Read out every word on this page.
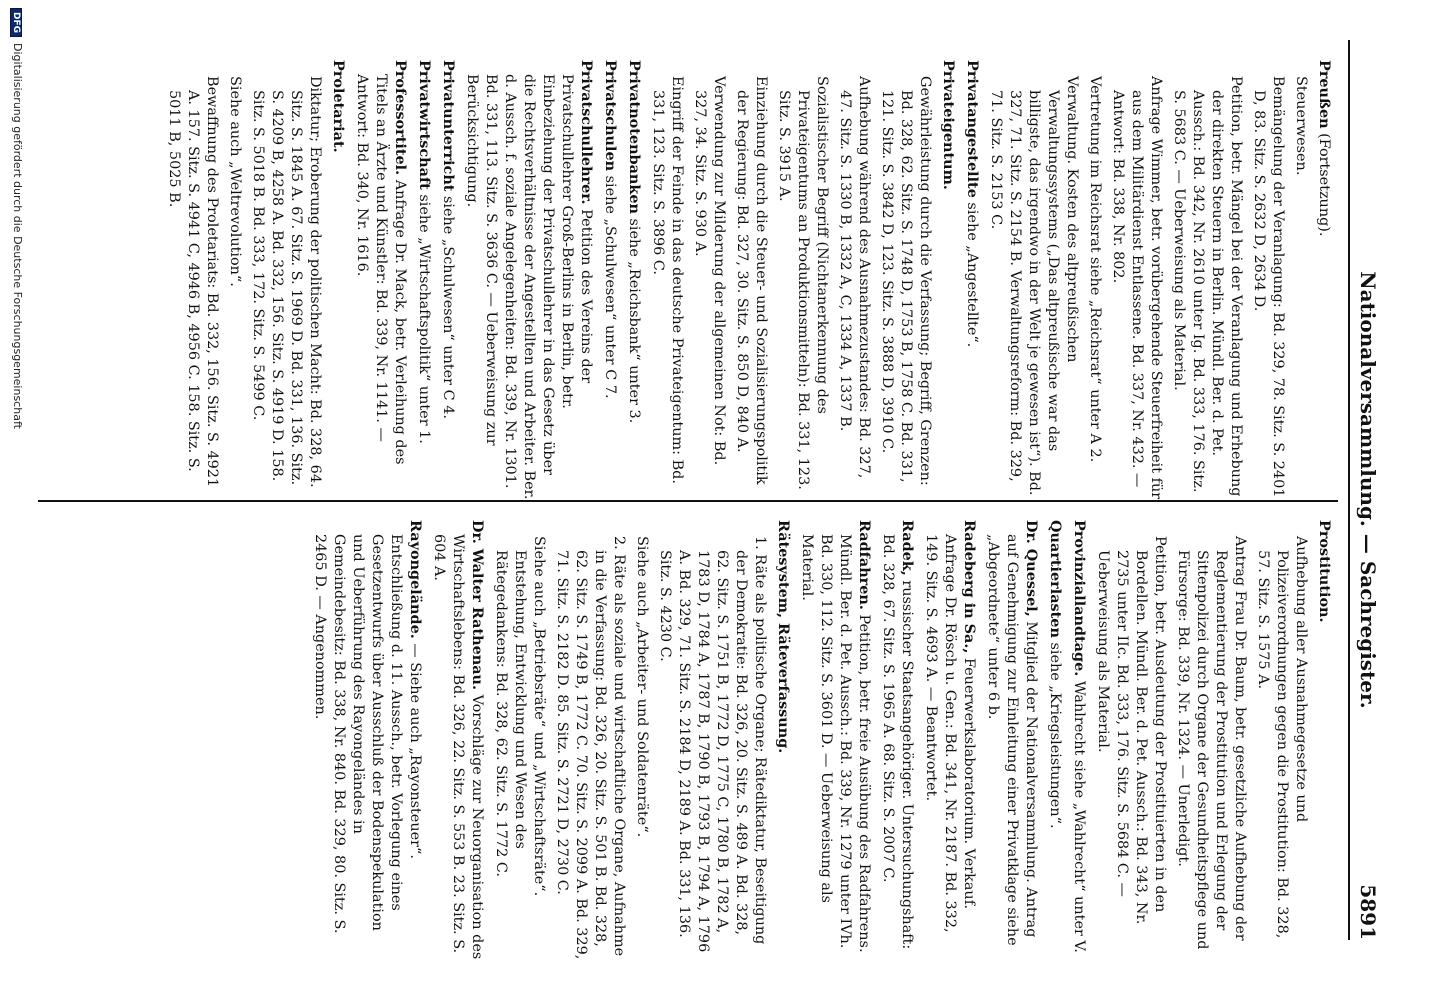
Nationalversammlung. — Sachregister.
5891

Preußen (Fortsetzung).

Steuerwesen.

Bemängelung der Veranlagung: Bd. 329, 78. Sitz. S. 2401 D, 83. Sitz. S. 2632 D, 2634 D.

Petition, betr. Mängel bei der Veranlagung und Erhebung der direkten Steuern in Berlin. Mündl. Ber. d. Pet. Aussch.: Bd. 342, Nr. 2610 unter Ig. Bd. 333, 176. Sitz. S. 5683 C. — Ueberweisung als Material.

Anfrage Wimmer, betr. vorübergehende Steuerfreiheit für aus dem Militärdienst Entlassene. Bd. 337, Nr. 432. — Antwort: Bd. 338, Nr. 802.

Vertretung im Reichsrat siehe „Reichsrat“ unter A 2.

Verwaltung. Kosten des altpreußischen Verwaltungssystems („Das altpreußische war das billigste, das irgendwo in der Welt je gewesen ist“). Bd. 327, 71. Sitz. S. 2154 B. Verwaltungsreform: Bd. 329, 71. Sitz. S. 2153 C.

Privatangestellte siehe „Angestellte“.

Privateigentum.

Gewährleistung durch die Verfassung; Begriff, Grenzen: Bd. 328, 62. Sitz. S. 1748 D, 1753 B, 1758 C. Bd. 331, 121. Sitz. S. 3842 D, 123. Sitz. S. 3888 D, 3910 C.

Aufhebung während des Ausnahmezustandes: Bd. 327, 47. Sitz. S. 1330 B, 1332 A, C, 1334 A, 1337 B.

Sozialistischer Begriff (Nichtanerkennung des Privateigentums an Produktionsmitteln): Bd. 331, 123. Sitz. S. 3915 A.

Einziehung durch die Steuer- und Sozialisierungspolitik der Regierung: Bd. 327, 30. Sitz. S. 850 D, 840 A.

Verwendung zur Milderung der allgemeinen Not: Bd. 327, 34. Sitz. S. 930 A.

Eingriff der Feinde in das deutsche Privateigentum: Bd. 331, 123. Sitz. S. 3896 C.

Privatnotenbanken siehe „Reichsbank“ unter 3.

Privatschulen siehe „Schulwesen“ unter C 7.

Privatschullehrer. Petition des Vereins der Privatschullehrer Groß-Berlins in Berlin, betr. Einbeziehung der Privatschullehrer in das Gesetz über die Rechtsverhältnisse der Angestellten und Arbeiter. Ber. d. Aussch. f. soziale Angelegenheiten: Bd. 339, Nr. 1301. Bd. 331, 113. Sitz. S. 3636 C. — Ueberweisung zur Berücksichtigung.

Privatunterricht siehe „Schulwesen“ unter C 4.

Privatwirtschaft siehe „Wirtschaftspolitik“ unter 1.

Professortitel. Anfrage Dr. Mack, betr. Verleihung des Titels an Ärzte und Künstler: Bd. 339, Nr. 1141. — Antwort: Bd. 340, Nr. 1616.

Proletariat.

Diktatur; Eroberung der politischen Macht: Bd. 328, 64. Sitz. S. 1845 A. 67. Sitz. S. 1969 D. Bd. 331, 136. Sitz. S. 4209 B, 4258 A. Bd. 332, 156. Sitz. S. 4919 D. 158. Sitz. S. 5018 B. Bd. 333, 172. Sitz. S. 5499 C.

Siehe auch „Weltrevolution“.

Bewaffnung des Proletariats: Bd. 332, 156. Sitz. S. 4921 A. 157. Sitz. S. 4941 C, 4946 B, 4956 C. 158. Sitz. S. 5011 B, 5025 B.

Prostitution.

Aufhebung aller Ausnahmegesetze und Polizeiverordnungen gegen die Prostitution: Bd. 328, 57. Sitz. S. 1575 A.

Antrag Frau Dr. Baum, betr. gesetzliche Aufhebung der Reglementierung der Prostitution und Erlegung der Sittenpolizei durch Organe der Gesundheitspflege und Fürsorge: Bd. 339, Nr. 1324. — Unerledigt.

Petition, betr. Ausdeutung der Prostituierten in den Bordellen. Mündl. Ber. d. Pet. Aussch.: Bd. 343, Nr. 2735 unter IIc. Bd. 333, 176. Sitz. S. 5684 C. — Ueberweisung als Material.

Provinziallandtage. Wahlrecht siehe „Wahlrecht“ unter V.

Quartierlasten siehe „Kriegsleistungen“.

Dr. Quessel, Mitglied der Nationalversammlung. Antrag auf Genehmigung zur Einleitung einer Privatklage siehe „Abgeordnete“ unter 6 b.

Radeberg in Sa., Feuerwerkslaboratorium. Verkauf. Anfrage Dr. Rösch u. Gen.: Bd. 341, Nr. 2187. Bd. 332, 149. Sitz. S. 4693 A. — Beantwortet.

Radek, russischer Staatsangehöriger. Untersuchungshaft: Bd. 328, 67. Sitz. S. 1965 A. 68. Sitz. S. 2007 C.

Radfahren. Petition, betr. freie Ausübung des Radfahrens. Mündl. Ber. d. Pet. Aussch.: Bd. 339, Nr. 1279 unter IVh. Bd. 330, 112. Sitz. S. 3601 D. — Ueberweisung als Material.

Rätesystem, Räteverfassung.

1. Räte als politische Organe; Rätediktatur, Beseitigung der Demokratie: Bd. 326, 20. Sitz. S. 489 A. Bd. 328, 62. Sitz. S. 1751 B, 1772 D, 1775 C, 1780 B, 1782 A, 1783 D, 1784 A, 1787 B, 1790 B, 1793 B, 1794 A, 1796 A. Bd. 329, 71. Sitz. S. 2184 D, 2189 A. Bd. 331, 136. Sitz. S. 4230 C.

Siehe auch „Arbeiter- und Soldatenräte“.

2. Räte als soziale und wirtschaftliche Organe, Aufnahme in die Verfassung: Bd. 326, 20. Sitz. S. 501 B. Bd. 328, 62. Sitz. S. 1749 B, 1772 C. 70. Sitz. S. 2099 A. Bd. 329, 71. Sitz. S. 2182 D. 85. Sitz. S. 2721 D, 2730 C.

Siehe auch „Betriebsräte“ und „Wirtschaftsräte“. Entstehung, Entwicklung und Wesen des Rätegedankens: Bd. 328, 62. Sitz. S. 1772 C.

Dr. Walter Rathenau. Vorschläge zur Neuorganisation des Wirtschaftslebens: Bd. 326, 22. Sitz. S. 553 B. 23. Sitz. S. 604 A.

Rayongelände. — Siehe auch „Rayonsteuer“. Entschließung d. 11. Aussch., betr. Vorlegung eines Gesetzentwurfs über Ausschluß der Bodenspekulation und Ueberführung des Rayongeländes in Gemeindebesitz: Bd. 338, Nr. 840. Bd. 329, 80. Sitz. S. 2465 D. — Angenommen.

DFGDigitalisierung gefördert durch die Deutsche Forschungsgemeinschaft
